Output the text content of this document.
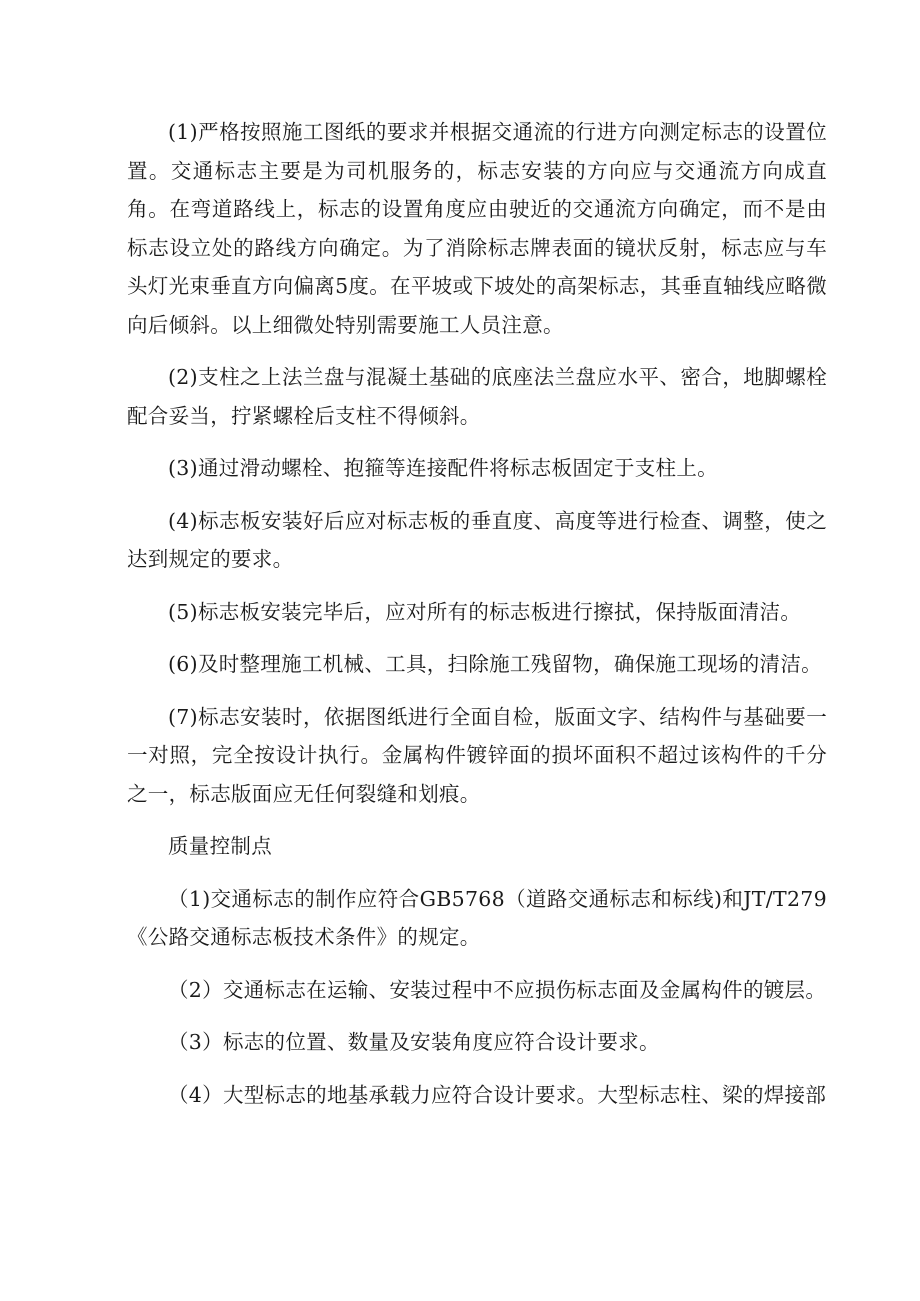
(1)严格按照施工图纸的要求并根据交通流的行进方向测定标志的设置位置。交通标志主要是为司机服务的，标志安装的方向应与交通流方向成直角。在弯道路线上，标志的设置角度应由驶近的交通流方向确定，而不是由标志设立处的路线方向确定。为了消除标志牌表面的镜状反射，标志应与车头灯光束垂直方向偏离5度。在平坡或下坡处的高架标志，其垂直轴线应略微向后倾斜。以上细微处特别需要施工人员注意。

(2)支柱之上法兰盘与混凝土基础的底座法兰盘应水平、密合，地脚螺栓配合妥当，拧紧螺栓后支柱不得倾斜。

(3)通过滑动螺栓、抱箍等连接配件将标志板固定于支柱上。

(4)标志板安装好后应对标志板的垂直度、高度等进行检查、调整，使之达到规定的要求。

(5)标志板安装完毕后，应对所有的标志板进行擦拭，保持版面清洁。

(6)及时整理施工机械、工具，扫除施工残留物，确保施工现场的清洁。

(7)标志安装时，依据图纸进行全面自检，版面文字、结构件与基础要一一对照，完全按设计执行。金属构件镀锌面的损坏面积不超过该构件的千分之一，标志版面应无任何裂缝和划痕。

质量控制点

（1)交通标志的制作应符合GB5768（道路交通标志和标线)和JT/T279《公路交通标志板技术条件》的规定。

（2）交通标志在运输、安装过程中不应损伤标志面及金属构件的镀层。

（3）标志的位置、数量及安装角度应符合设计要求。

（4）大型标志的地基承载力应符合设计要求。大型标志柱、梁的焊接部
